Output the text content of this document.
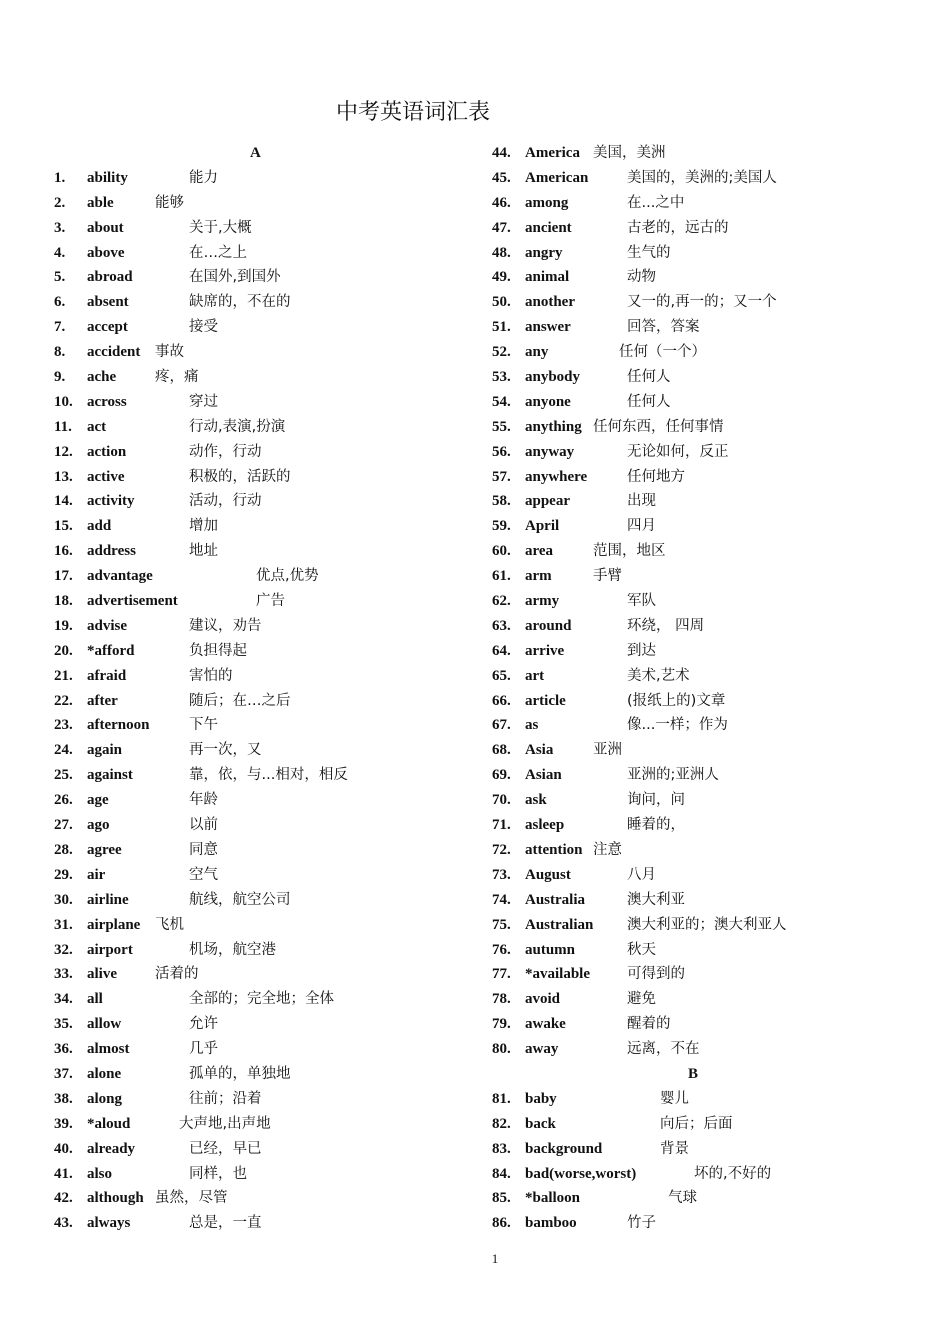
中考英语词汇表
A
1. ability	能力
2. able	能够
3. about	关于,大概
4. above	在…之上
5. abroad	在国外,到国外
6. absent	缺席的，不在的
7. accept	接受
8. accident 事故
9. ache	疼，痛
10. across	穿过
11. act	行动,表演,扮演
12. action	动作，行动
13. active	积极的，活跃的
14. activity	活动，行动
15. add	增加
16. address	地址
17. advantage	优点,优势
18. advertisement	广告
19. advise	建议，劝告
20. *afford	负担得起
21. afraid	害怕的
22. after	随后；在…之后
23. afternoon	下午
24. again	再一次，又
25. against	靠，依，与...相对，相反
26. age	年龄
27. ago	以前
28. agree	同意
29. air	空气
30. airline	航线，航空公司
31. airplane 飞机
32. airport	机场，航空港
33. alive	活着的
34. all	全部的；完全地；全体
35. allow	允许
36. almost	几乎
37. alone	孤单的，单独地
38. along	往前；沿着
39. *aloud	大声地,出声地
40. already	已经，早已
41. also	同样，也
42. although 虽然，尽管
43. always	总是，一直
44. America 美国，美洲
45. American	美国的，美洲的;美国人
46. among	在...之中
47. ancient	古老的，远古的
48. angry	生气的
49. animal	动物
50. another	又一的,再一的；又一个
51. answer	回答，答案
52. any	任何（一个）
53. anybody	任何人
54. anyone	任何人
55. anything 任何东西，任何事情
56. anyway	无论如何，反正
57. anywhere	任何地方
58. appear	出现
59. April	四月
60. area	范围，地区
61. arm	手臂
62. army	军队
63. around	环绕， 四周
64. arrive	到达
65. art	美术,艺术
66. article	(报纸上的)文章
67. as	像...一样；作为
68. Asia	亚洲
69. Asian	亚洲的;亚洲人
70. ask	询问，问
71. asleep	睡着的，
72. attention 注意
73. August	八月
74. Australia	澳大利亚
75. Australian 澳大利亚的；澳大利亚人
76. autumn	秋天
77. *available	可得到的
78. avoid	避免
79. awake	醒着的
80. away	远离，不在
B
81. baby	婴儿
82. back	向后；后面
83. background	背景
84. bad(worse,worst)	坏的,不好的
85. *balloon	气球
86. bamboo	竹子
1
